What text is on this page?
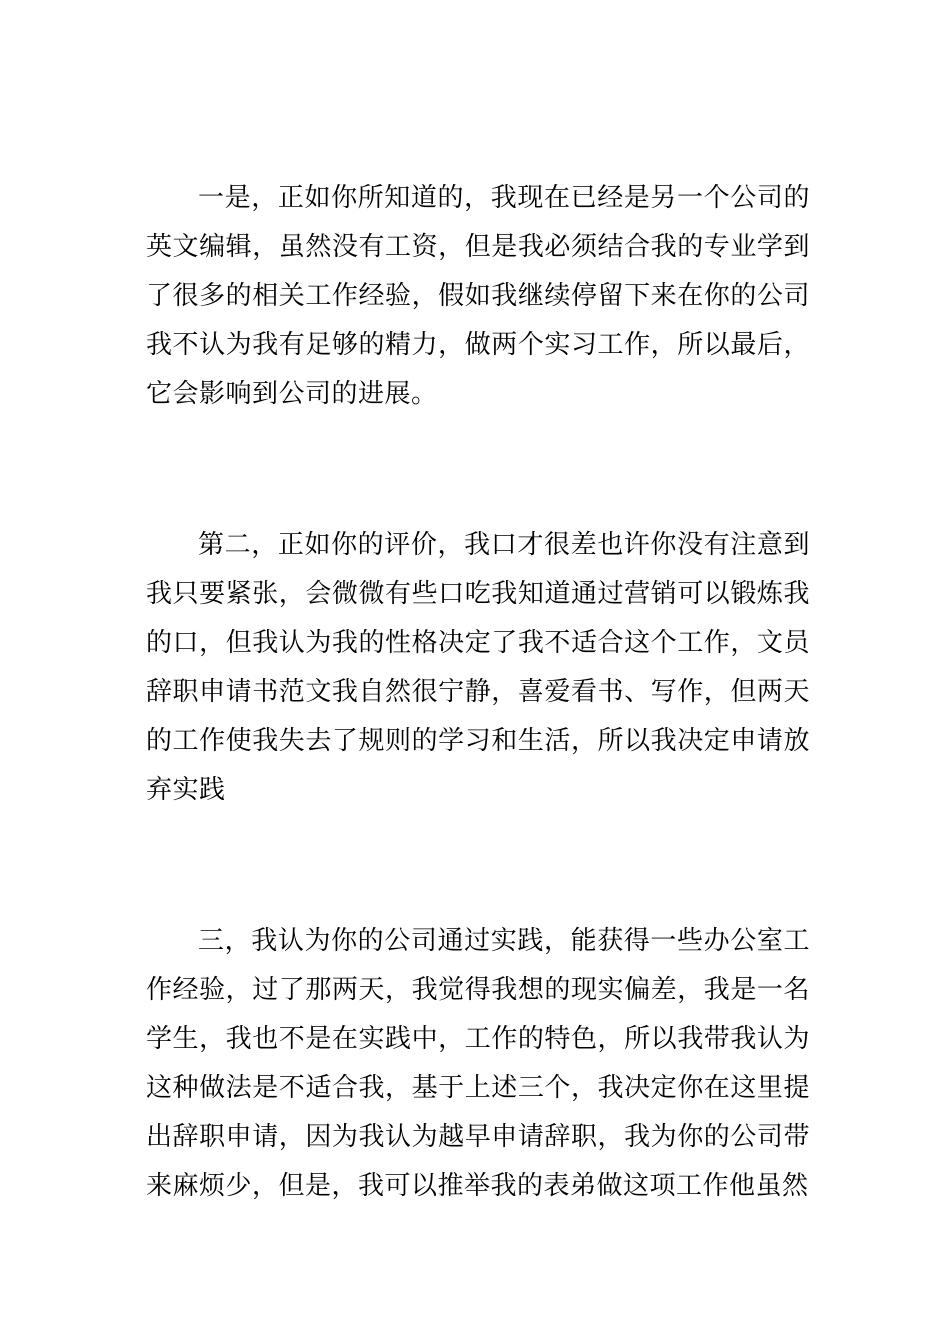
一是，正如你所知道的，我现在已经是另一个公司的英文编辑，虽然没有工资，但是我必须结合我的专业学到了很多的相关工作经验，假如我继续停留下来在你的公司我不认为我有足够的精力，做两个实习工作，所以最后，它会影响到公司的进展。

第二，正如你的评价，我口才很差也许你没有注意到我只要紧张，会微微有些口吃我知道通过营销可以锻炼我的口，但我认为我的性格决定了我不适合这个工作，文员辞职申请书范文我自然很宁静，喜爱看书、写作，但两天的工作使我失去了规则的学习和生活，所以我决定申请放弃实践

三，我认为你的公司通过实践，能获得一些办公室工作经验，过了那两天，我觉得我想的现实偏差，我是一名学生，我也不是在实践中，工作的特色，所以我带我认为这种做法是不适合我，基于上述三个，我决定你在这里提出辞职申请，因为我认为越早申请辞职，我为你的公司带来麻烦少，但是，我可以推举我的表弟做这项工作他虽然
